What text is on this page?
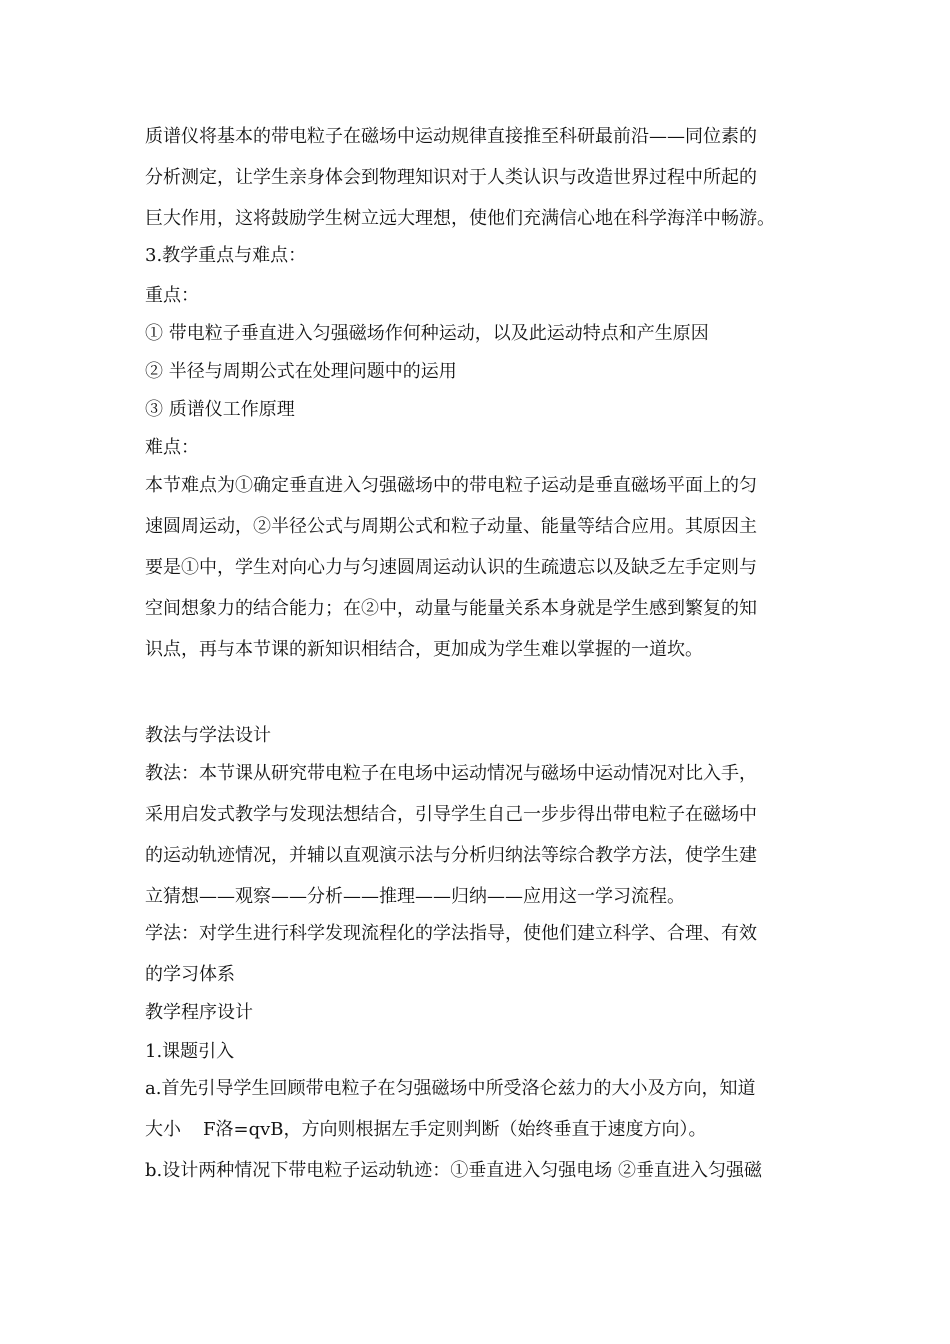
质谱仪将基本的带电粒子在磁场中运动规律直接推至科研最前沿——同位素的
分析测定，让学生亲身体会到物理知识对于人类认识与改造世界过程中所起的
巨大作用，这将鼓励学生树立远大理想，使他们充满信心地在科学海洋中畅游。
3.教学重点与难点：
重点：
① 带电粒子垂直进入匀强磁场作何种运动，以及此运动特点和产生原因
② 半径与周期公式在处理问题中的运用
③ 质谱仪工作原理
难点：
本节难点为①确定垂直进入匀强磁场中的带电粒子运动是垂直磁场平面上的匀
速圆周运动，②半径公式与周期公式和粒子动量、能量等结合应用。其原因主
要是①中，学生对向心力与匀速圆周运动认识的生疏遗忘以及缺乏左手定则与
空间想象力的结合能力；在②中，动量与能量关系本身就是学生感到繁复的知
识点，再与本节课的新知识相结合，更加成为学生难以掌握的一道坎。
教法与学法设计
教法：本节课从研究带电粒子在电场中运动情况与磁场中运动情况对比入手，
采用启发式教学与发现法想结合，引导学生自己一步步得出带电粒子在磁场中
的运动轨迹情况，并辅以直观演示法与分析归纳法等综合教学方法，使学生建
立猜想——观察——分析——推理——归纳——应用这一学习流程。
学法：对学生进行科学发现流程化的学法指导，使他们建立科学、合理、有效
的学习体系
教学程序设计
1.课题引入
a.首先引导学生回顾带电粒子在匀强磁场中所受洛仑兹力的大小及方向，知道
大小 F洛=qvB，方向则根据左手定则判断（始终垂直于速度方向）。
b.设计两种情况下带电粒子运动轨迹：①垂直进入匀强电场 ②垂直进入匀强磁
